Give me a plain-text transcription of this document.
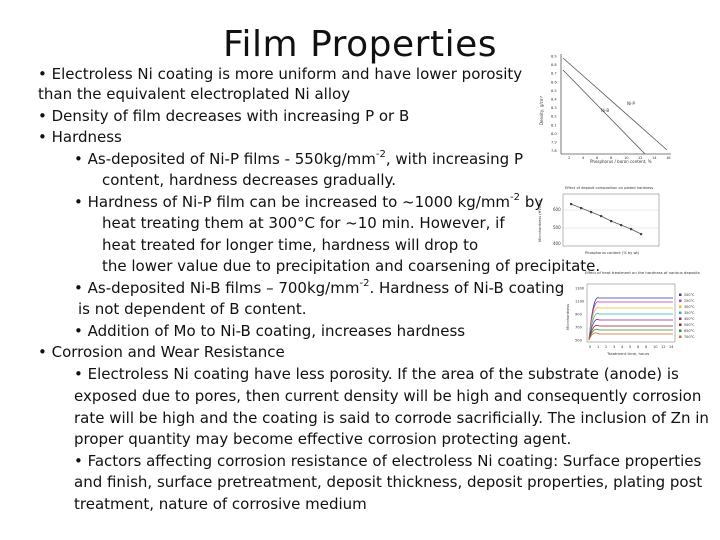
Film Properties
• Electroless Ni coating is more uniform and have lower porosity
than the equivalent electroplated Ni alloy
• Density of film decreases with increasing P or B
• Hardness
• As-deposited of Ni-P films - $550kg/mm^{-2}$, with increasing P
content, hardness decreases gradually.
• Hardness of Ni-P film can be increased to ~1000 $kg/mm^{-2}$ by
heat treating them at 300°C for ~10 min. However, if
heat treated for longer time, hardness will drop to
the lower value due to precipitation and coarsening of precipitate.
• As-deposited Ni-B films – $700kg/mm^{-2}$. Hardness of Ni-B coating
is not dependent of B content.
• Addition of Mo to Ni-B coating, increases hardness
• Corrosion and Wear Resistance
• Electroless Ni coating have less porosity. If the area of the substrate (anode) is
exposed due to pores, then current density will be high and consequently corrosion
rate will be high and the coating is said to corrode sacrificially. The inclusion of Zn in
proper quantity may become effective corrosion protecting agent.
• Factors affecting corrosion resistance of electroless Ni coating: Surface properties
and finish, surface pretreatment, deposit thickness, deposit properties, plating post
treatment, nature of corrosive medium
8.9
8.8
8.7
8.6
8.5
8.4
8.3
8.2
8.1
8.0
7.9
7.8
2	4	6	8	10	12	14	16
Ni-P
Ni-B
Density, g/cm³
Phosphorus / boron content, %
Effect of deposit composition on plated hardness
600
500
400
Microhardness (HV100)
Phosphorus content (% by wt)
Effect of heat treatment on the hardness of various deposits
1300
1100
900
700
500
0 1 2 3 4 5 6 8 10 12 14
200°C
250°C
300°C
350°C
400°C
500°C
650°C
700°C
Microhardness
Treatment time, hours
